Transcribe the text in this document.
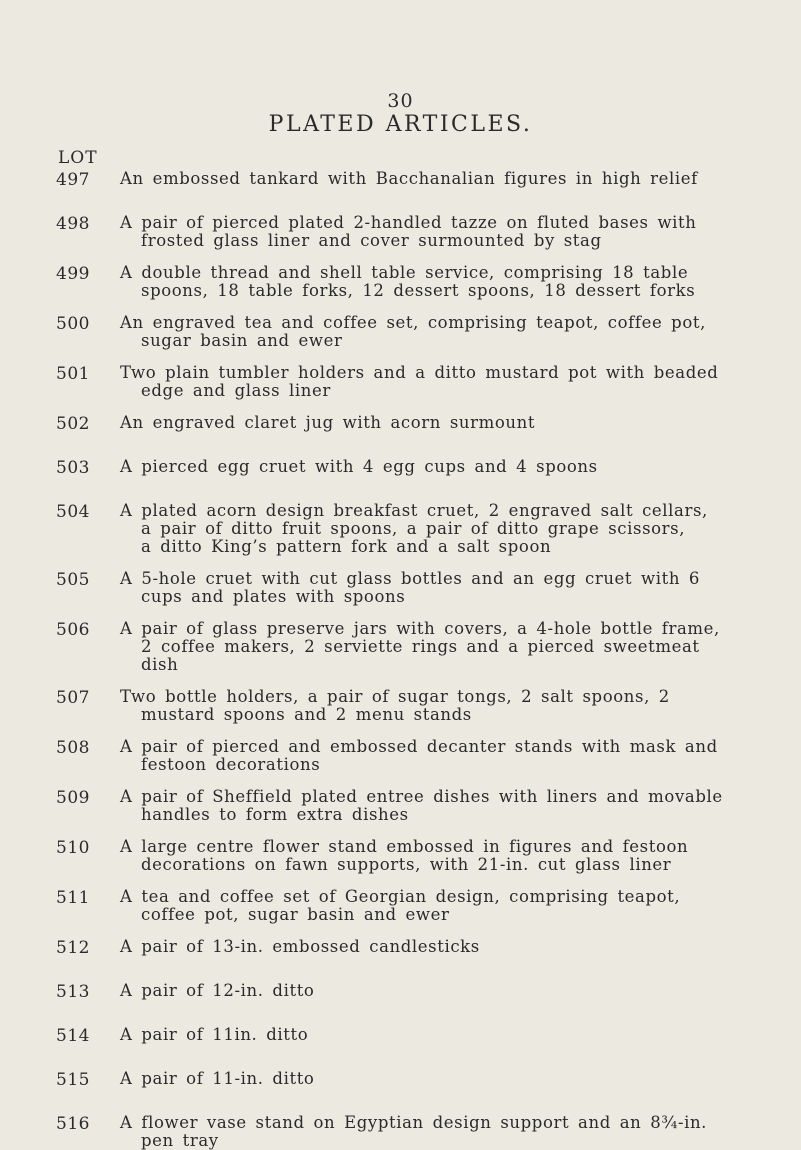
30
PLATED ARTICLES.
LOT
497	An embossed tankard with Bacchanalian figures in high relief
498	A pair of pierced plated 2-handled tazze on fluted bases with
frosted glass liner and cover surmounted by stag
499	A double thread and shell table service, comprising 18 table
spoons, 18 table forks, 12 dessert spoons, 18 dessert forks
500	An engraved tea and coffee set, comprising teapot, coffee pot,
sugar basin and ewer
501	Two plain tumbler holders and a ditto mustard pot with beaded
edge and glass liner
502	An engraved claret jug with acorn surmount
503	A pierced egg cruet with 4 egg cups and 4 spoons
504	A plated acorn design breakfast cruet, 2 engraved salt cellars,
a pair of ditto fruit spoons, a pair of ditto grape scissors,
a ditto King’s pattern fork and a salt spoon
505	A 5-hole cruet with cut glass bottles and an egg cruet with 6
cups and plates with spoons
506	A pair of glass preserve jars with covers, a 4-hole bottle frame,
2 coffee makers, 2 serviette rings and a pierced sweetmeat
dish
507	Two bottle holders, a pair of sugar tongs, 2 salt spoons, 2
mustard spoons and 2 menu stands
508	A pair of pierced and embossed decanter stands with mask and
festoon decorations
509	A pair of Sheffield plated entree dishes with liners and movable
handles to form extra dishes
510	A large centre flower stand embossed in figures and festoon
decorations on fawn supports, with 21-in. cut glass liner
511	A tea and coffee set of Georgian design, comprising teapot,
coffee pot, sugar basin and ewer
512	A pair of 13-in. embossed candlesticks
513	A pair of 12-in. ditto
514	A pair of 11in. ditto
515	A pair of 11-in. ditto
516	A flower vase stand on Egyptian design support and an 8¾-in.
pen tray
